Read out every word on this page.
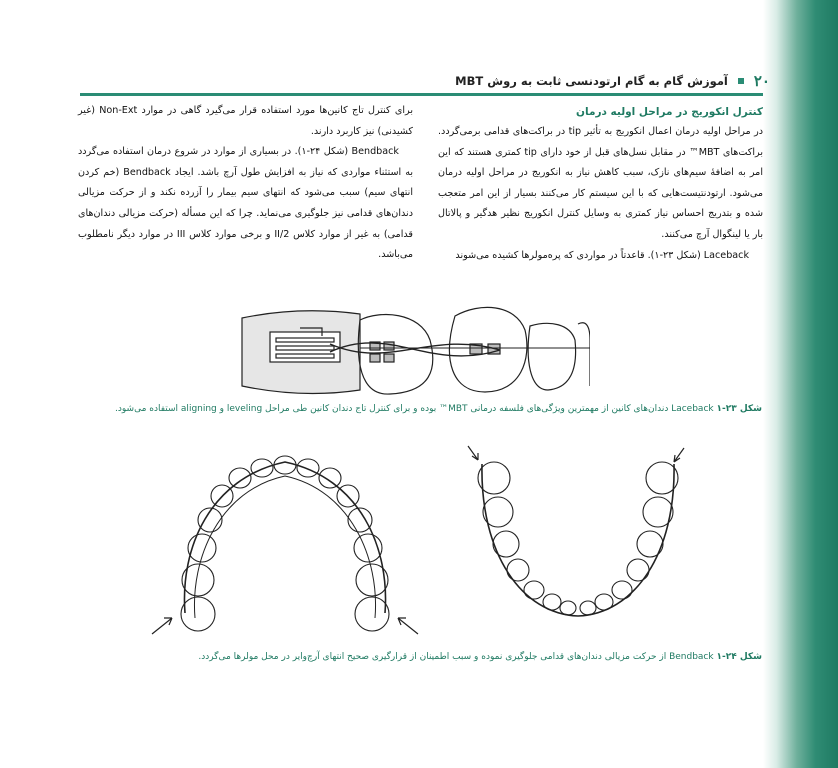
۲۰
آموزش گام به گام ارتودنسی ثابت به روش MBT
کنترل انکوریج در مراحل اولیه درمان

در مراحل اولیه درمان اعمال انکوریج به تأثیر tip در براکت‌های قدامی برمی‌گردد. براکت‌های MBT™ در مقابل نسل‌های قبل از خود دارای tip کمتری هستند که این امر به اضافهٔ سیم‌های نازک، سبب کاهش نیاز به انکوریج در مراحل اولیه درمان می‌شود. ارتودنتیست‌هایی که با این سیستم کار می‌کنند بسیار از این امر متعجب شده و بتدریج احساس نیاز کمتری به وسایل کنترل انکوریج نظیر هدگیر و پالاتال بار یا لینگوال آرچ می‌کنند.

Laceback (شکل ۲۳-۱). قاعدتاً در مواردی که پره‌مولرها کشیده می‌شوند

برای کنترل تاج کانین‌ها مورد استفاده قرار می‌گیرد گاهی در موارد Non-Ext (غیر کشیدنی) نیز کاربرد دارند.

Bendback (شکل ۲۴-۱). در بسیاری از موارد در شروع درمان استفاده می‌گردد به استثناء مواردی که نیاز به افزایش طول آرچ باشد. ایجاد Bendback (خم کردن انتهای سیم) سبب می‌شود که انتهای سیم بیمار را آزرده نکند و از حرکت مزیالی دندان‌های قدامی نیز جلوگیری می‌نماید. چرا که این مسأله (حرکت مزیالی دندان‌های قدامی) به غیر از موارد کلاس II/2 و برخی موارد کلاس III در موارد دیگر نامطلوب می‌باشد.

شکل ۲۳-۱ Laceback دندان‌های کانین از مهمترین ویژگی‌های فلسفه درمانی MBT™ بوده و برای کنترل تاج دندان کانین طی مراحل leveling و aligning استفاده می‌شود.
شکل ۲۴-۱ Bendback از حرکت مزیالی دندان‌های قدامی جلوگیری نموده و سبب اطمینان از قرارگیری صحیح انتهای آرچ‌وایر در محل مولرها می‌گردد.
